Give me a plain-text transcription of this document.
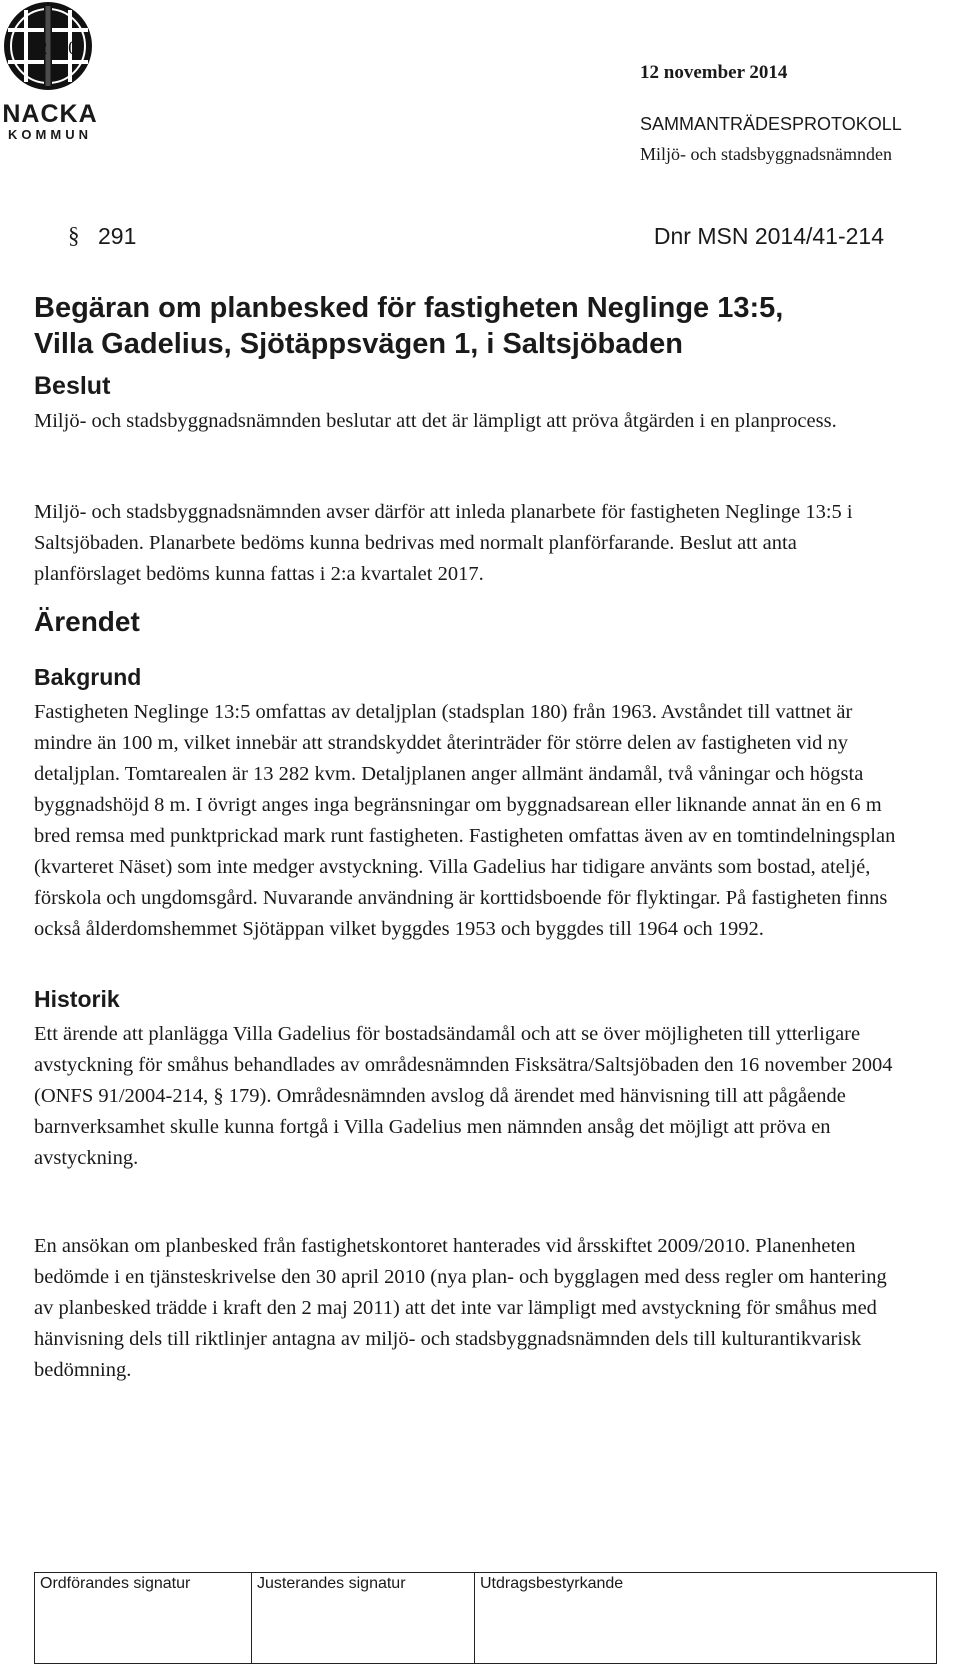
2 (10)
NACKA
KOMMUN
12 november 2014
SAMMANTRÄDESPROTOKOLL
Miljö- och stadsbyggnadsnämnden
§ 291	Dnr MSN 2014/41-214
Begäran om planbesked för fastigheten Neglinge 13:5,
Villa Gadelius, Sjötäppsvägen 1, i Saltsjöbaden
Beslut
Miljö- och stadsbyggnadsnämnden beslutar att det är lämpligt att pröva åtgärden i en planprocess.
Miljö- och stadsbyggnadsnämnden avser därför att inleda planarbete för fastigheten Neglinge 13:5 i Saltsjöbaden. Planarbete bedöms kunna bedrivas med normalt planförfarande. Beslut att anta planförslaget bedöms kunna fattas i 2:a kvartalet 2017.
Ärendet
Bakgrund
Fastigheten Neglinge 13:5 omfattas av detaljplan (stadsplan 180) från 1963. Avståndet till vattnet är mindre än 100 m, vilket innebär att strandskyddet återinträder för större delen av fastigheten vid ny detaljplan. Tomtarealen är 13 282 kvm. Detaljplanen anger allmänt ändamål, två våningar och högsta byggnadshöjd 8 m. I övrigt anges inga begränsningar om byggnadsarean eller liknande annat än en 6 m bred remsa med punktprickad mark runt fastigheten. Fastigheten omfattas även av en tomtindelningsplan (kvarteret Näset) som inte medger avstyckning. Villa Gadelius har tidigare använts som bostad, ateljé, förskola och ungdomsgård. Nuvarande användning är korttidsboende för flyktingar. På fastigheten finns också ålderdomshemmet Sjötäppan vilket byggdes 1953 och byggdes till 1964 och 1992.
Historik
Ett ärende att planlägga Villa Gadelius för bostadsändamål och att se över möjligheten till ytterligare avstyckning för småhus behandlades av områdesnämnden Fisksätra/Saltsjöbaden den 16 november 2004 (ONFS 91/2004-214, § 179). Områdesnämnden avslog då ärendet med hänvisning till att pågående barnverksamhet skulle kunna fortgå i Villa Gadelius men nämnden ansåg det möjligt att pröva en avstyckning.
En ansökan om planbesked från fastighetskontoret hanterades vid årsskiftet 2009/2010. Planenheten bedömde i en tjänsteskrivelse den 30 april 2010 (nya plan- och bygglagen med dess regler om hantering av planbesked trädde i kraft den 2 maj 2011) att det inte var lämpligt med avstyckning för småhus med hänvisning dels till riktlinjer antagna av miljö- och stadsbyggnadsnämnden dels till kulturantikvarisk bedömning.
Ordförandes signatur	Justerandes signatur	Utdragsbestyrkande
